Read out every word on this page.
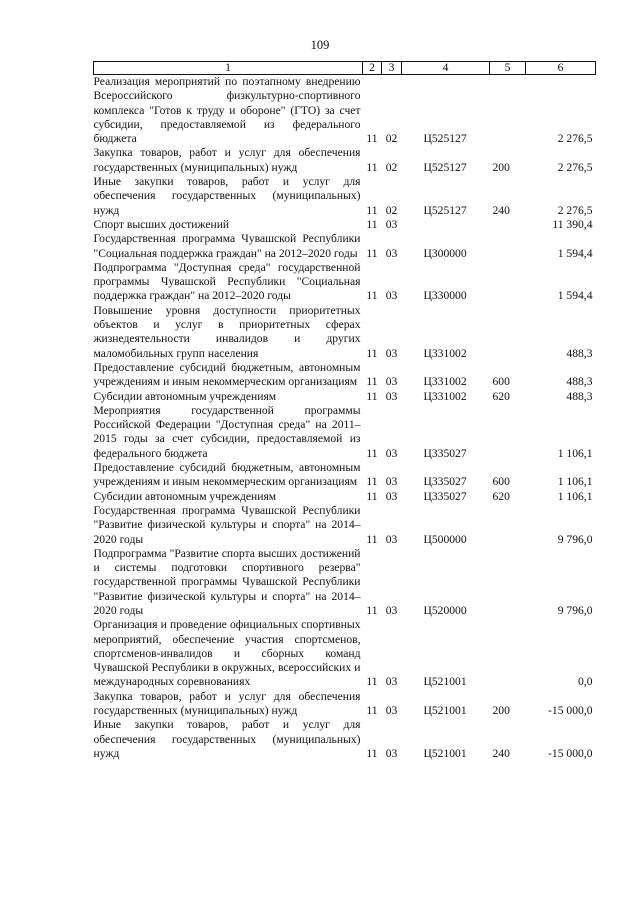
109
1	2	3	4	5	6
Реализация мероприятий по поэтапному внедрению Всероссийского физкультурно-спортивного комплекса "Готов к труду и обороне" (ГТО) за счет субсидии, предоставляемой из федерального бюджета	11	02	Ц525127		2 276,5
Закупка товаров, работ и услуг для обеспечения государственных (муниципальных) нужд	11	02	Ц525127	200	2 276,5
Иные закупки товаров, работ и услуг для обеспечения государственных (муниципальных) нужд	11	02	Ц525127	240	2 276,5
Спорт высших достижений	11	03			11 390,4
Государственная программа Чувашской Республики "Социальная поддержка граждан" на 2012–2020 годы	11	03	Ц300000		1 594,4
Подпрограмма "Доступная среда" государственной программы Чувашской Республики "Социальная поддержка граждан" на 2012–2020 годы	11	03	Ц330000		1 594,4
Повышение уровня доступности приоритетных объектов и услуг в приоритетных сферах жизнедеятельности инвалидов и других маломобильных групп населения	11	03	Ц331002		488,3
Предоставление субсидий бюджетным, автономным учреждениям и иным некоммерческим организациям	11	03	Ц331002	600	488,3
Субсидии автономным учреждениям	11	03	Ц331002	620	488,3
Мероприятия государственной программы Российской Федерации "Доступная среда" на 2011–2015 годы за счет субсидии, предоставляемой из федерального бюджета	11	03	Ц335027		1 106,1
Предоставление субсидий бюджетным, автономным учреждениям и иным некоммерческим организациям	11	03	Ц335027	600	1 106,1
Субсидии автономным учреждениям	11	03	Ц335027	620	1 106,1
Государственная программа Чувашской Республики "Развитие физической культуры и спорта" на 2014–2020 годы	11	03	Ц500000		9 796,0
Подпрограмма "Развитие спорта высших достижений и системы подготовки спортивного резерва" государственной программы Чувашской Республики "Развитие физической культуры и спорта" на 2014–2020 годы	11	03	Ц520000		9 796,0
Организация и проведение официальных спортивных мероприятий, обеспечение участия спортсменов, спортсменов-инвалидов и сборных команд Чувашской Республики в окружных, всероссийских и международных соревнованиях	11	03	Ц521001		0,0
Закупка товаров, работ и услуг для обеспечения государственных (муниципальных) нужд	11	03	Ц521001	200	-15 000,0
Иные закупки товаров, работ и услуг для обеспечения государственных (муниципальных) нужд	11	03	Ц521001	240	-15 000,0
